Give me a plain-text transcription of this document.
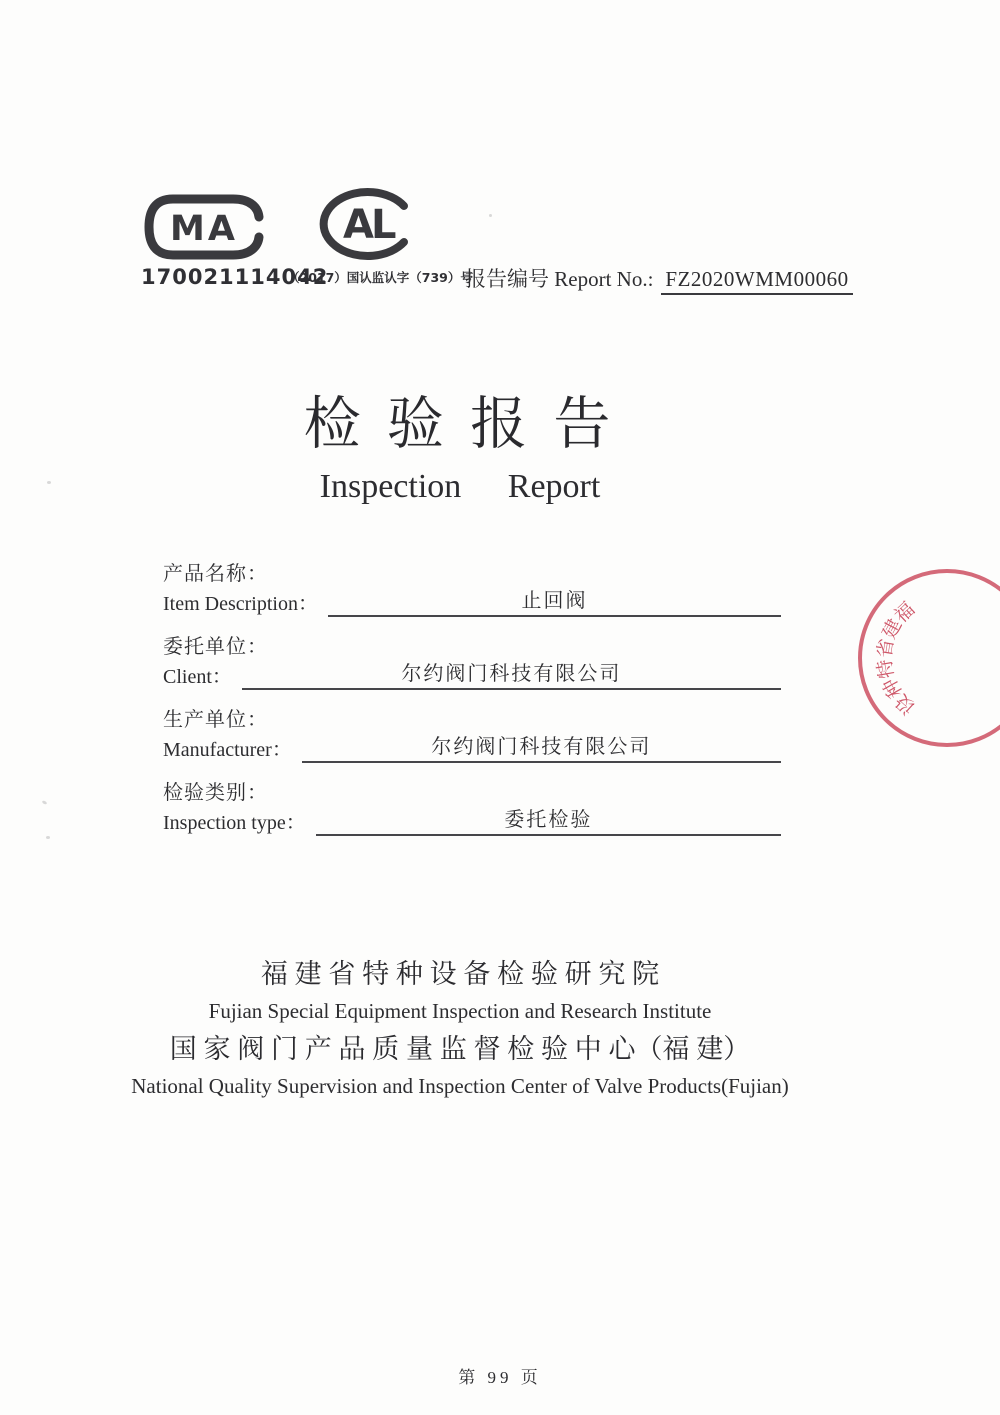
MA
170021114042
AL
（2017）国认监认字（739）号
报告编号 Report No.: FZ2020WMM00060
检 验 报 告
Inspection Report
产品名称：
Item Description：	止回阀
委托单位：
Client：	尔约阀门科技有限公司
生产单位：
Manufacturer：	尔约阀门科技有限公司
检验类别：
Inspection type：	委托检验
福
建
省
特
种
设
福 建 省 特 种 设 备 检 验 研 究 院
Fujian Special Equipment Inspection and Research Institute
国 家 阀 门 产 品 质 量 监 督 检 验 中 心（福 建）
National Quality Supervision and Inspection Center of Valve Products(Fujian)
第 99 页
